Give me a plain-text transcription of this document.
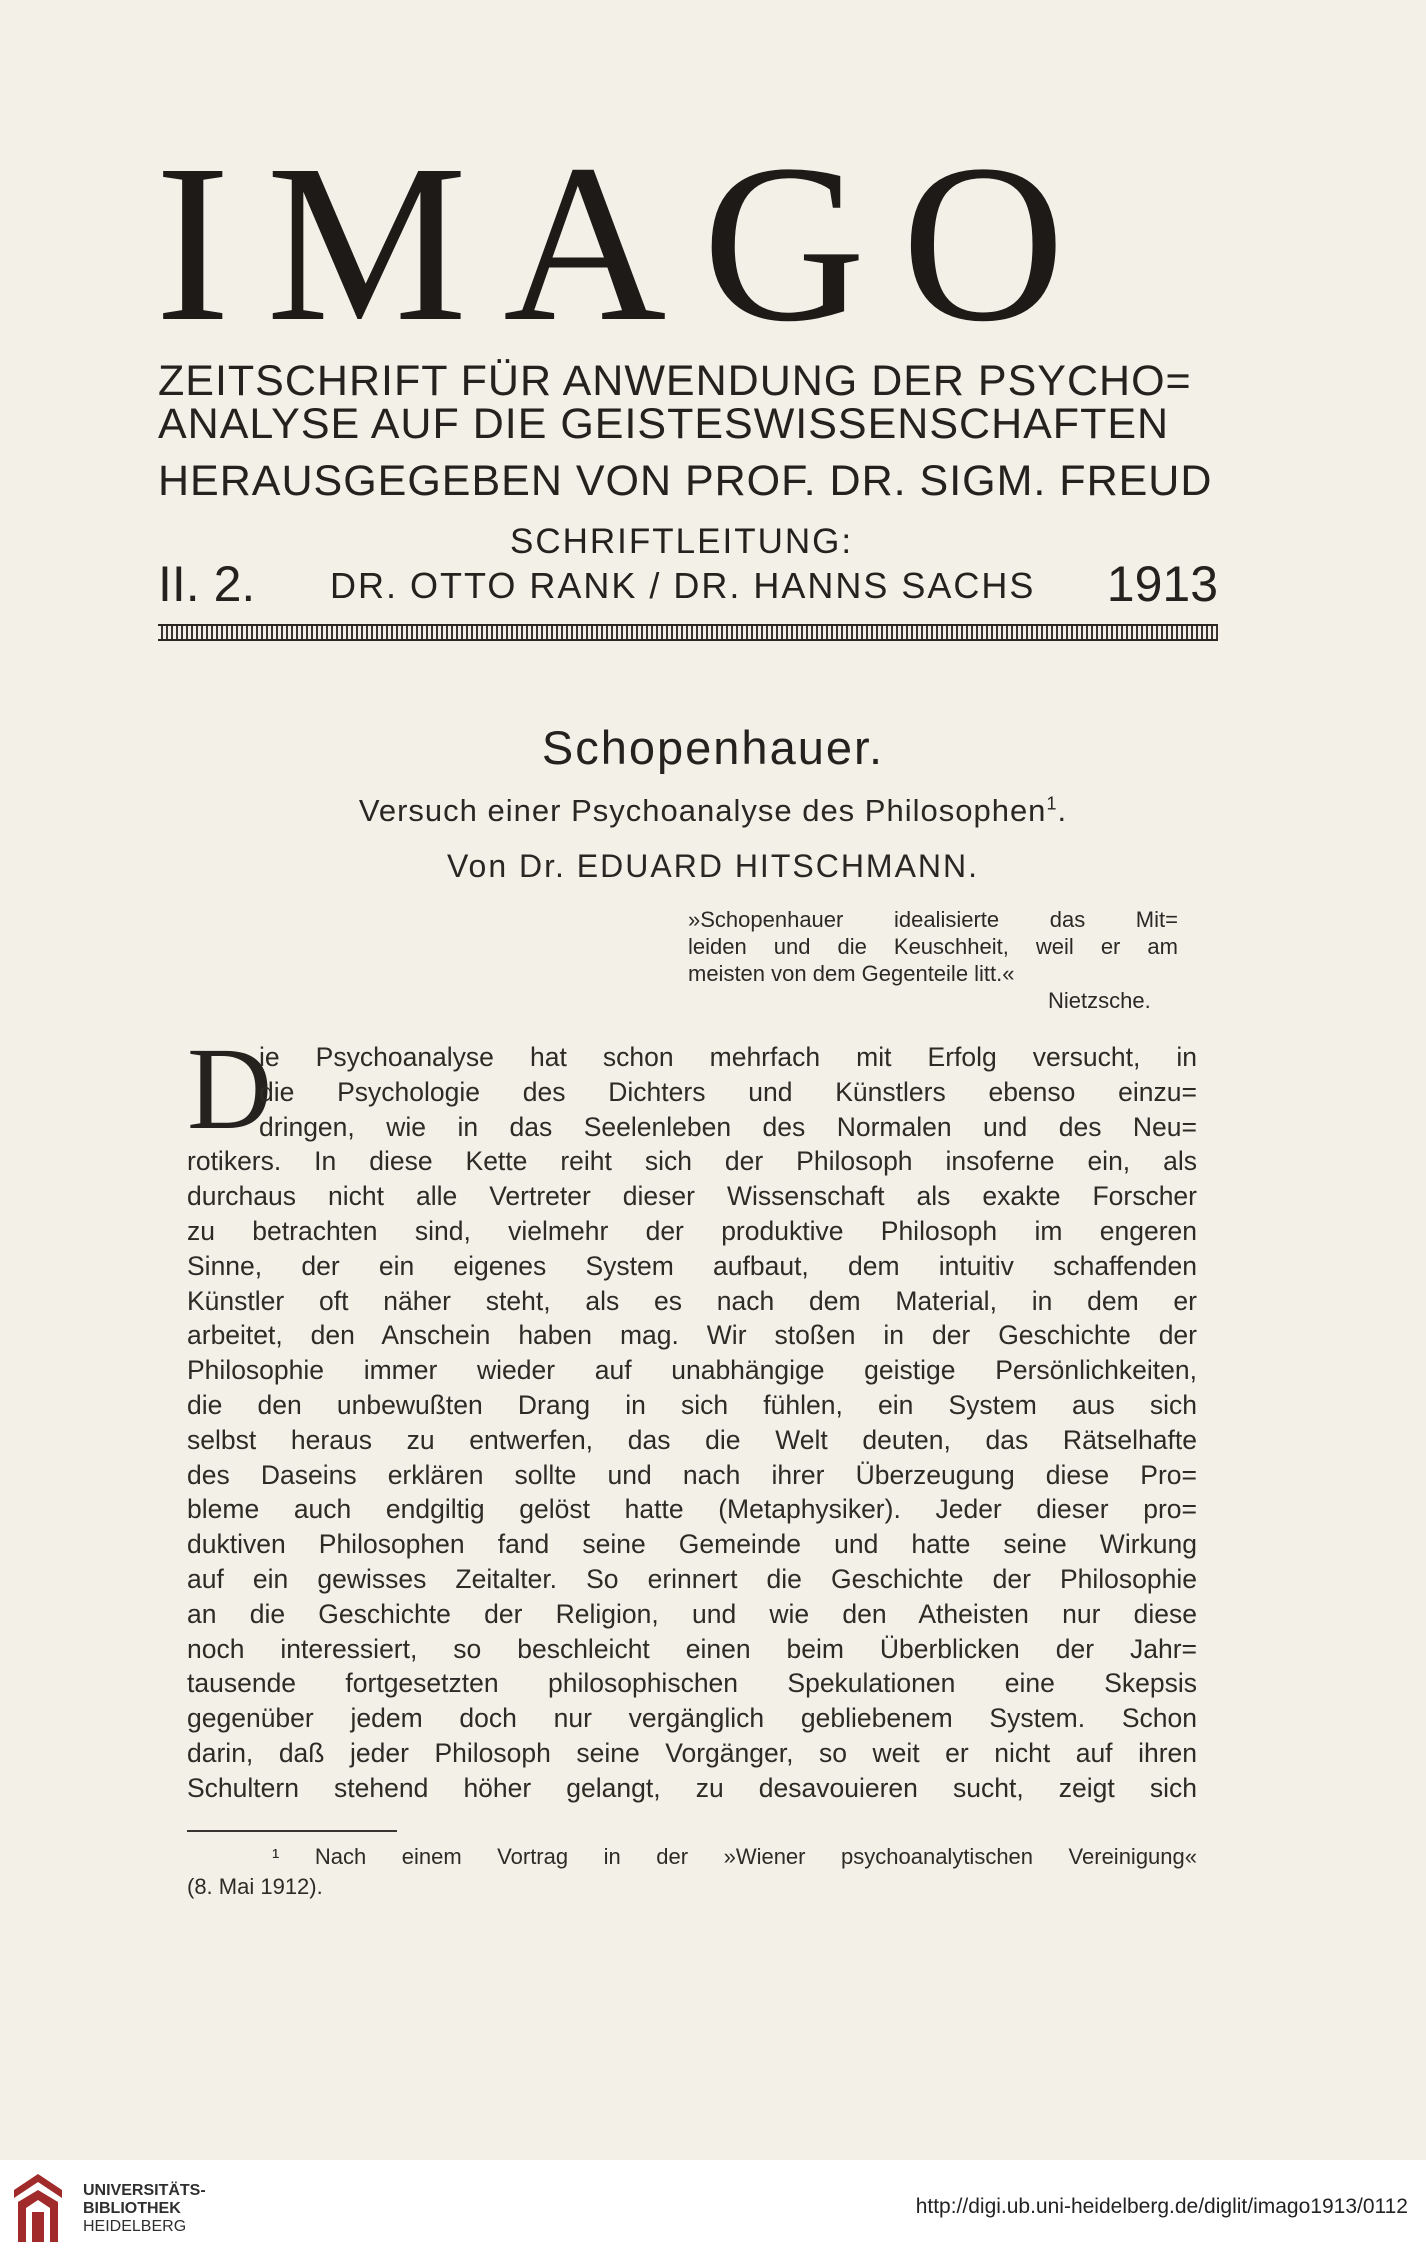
IMAGO
ZEITSCHRIFT FÜR ANWENDUNG DER PSYCHO=
ANALYSE AUF DIE GEISTESWISSENSCHAFTEN
HERAUSGEGEBEN VON PROF. DR. SIGM. FREUD
SCHRIFTLEITUNG:
II. 2. DR. OTTO RANK / DR. HANNS SACHS 1913
Schopenhauer.
Versuch einer Psychoanalyse des Philosophen$^1$.
Von Dr. EDUARD HITSCHMANN.
»Schopenhauer idealisierte das Mit=
leiden und die Keuschheit, weil er am
meisten von dem Gegenteile litt.«
Nietzsche.
D
ie Psychoanalyse hat schon mehrfach mit Erfolg versucht, in
die Psychologie des Dichters und Künstlers ebenso einzu=
dringen, wie in das Seelenleben des Normalen und des Neu=
rotikers. In diese Kette reiht sich der Philosoph insoferne ein, als
durchaus nicht alle Vertreter dieser Wissenschaft als exakte Forscher
zu betrachten sind, vielmehr der produktive Philosoph im engeren
Sinne, der ein eigenes System aufbaut, dem intuitiv schaffenden
Künstler oft näher steht, als es nach dem Material, in dem er
arbeitet, den Anschein haben mag. Wir stoßen in der Geschichte der
Philosophie immer wieder auf unabhängige geistige Persönlichkeiten,
die den unbewußten Drang in sich fühlen, ein System aus sich
selbst heraus zu entwerfen, das die Welt deuten, das Rätselhafte
des Daseins erklären sollte und nach ihrer Überzeugung diese Pro=
bleme auch endgiltig gelöst hatte (Metaphysiker). Jeder dieser pro=
duktiven Philosophen fand seine Gemeinde und hatte seine Wirkung
auf ein gewisses Zeitalter. So erinnert die Geschichte der Philosophie
an die Geschichte der Religion, und wie den Atheisten nur diese
noch interessiert, so beschleicht einen beim Überblicken der Jahr=
tausende fortgesetzten philosophischen Spekulationen eine Skepsis
gegenüber jedem doch nur vergänglich gebliebenem System. Schon
darin, daß jeder Philosoph seine Vorgänger, so weit er nicht auf ihren
Schultern stehend höher gelangt, zu desavouieren sucht, zeigt sich
¹ Nach einem Vortrag in der »Wiener psychoanalytischen Vereinigung«
(8. Mai 1912).
UNIVERSITÄTS-
BIBLIOTHEK
HEIDELBERG
http://digi.ub.uni-heidelberg.de/diglit/imago1913/0112
